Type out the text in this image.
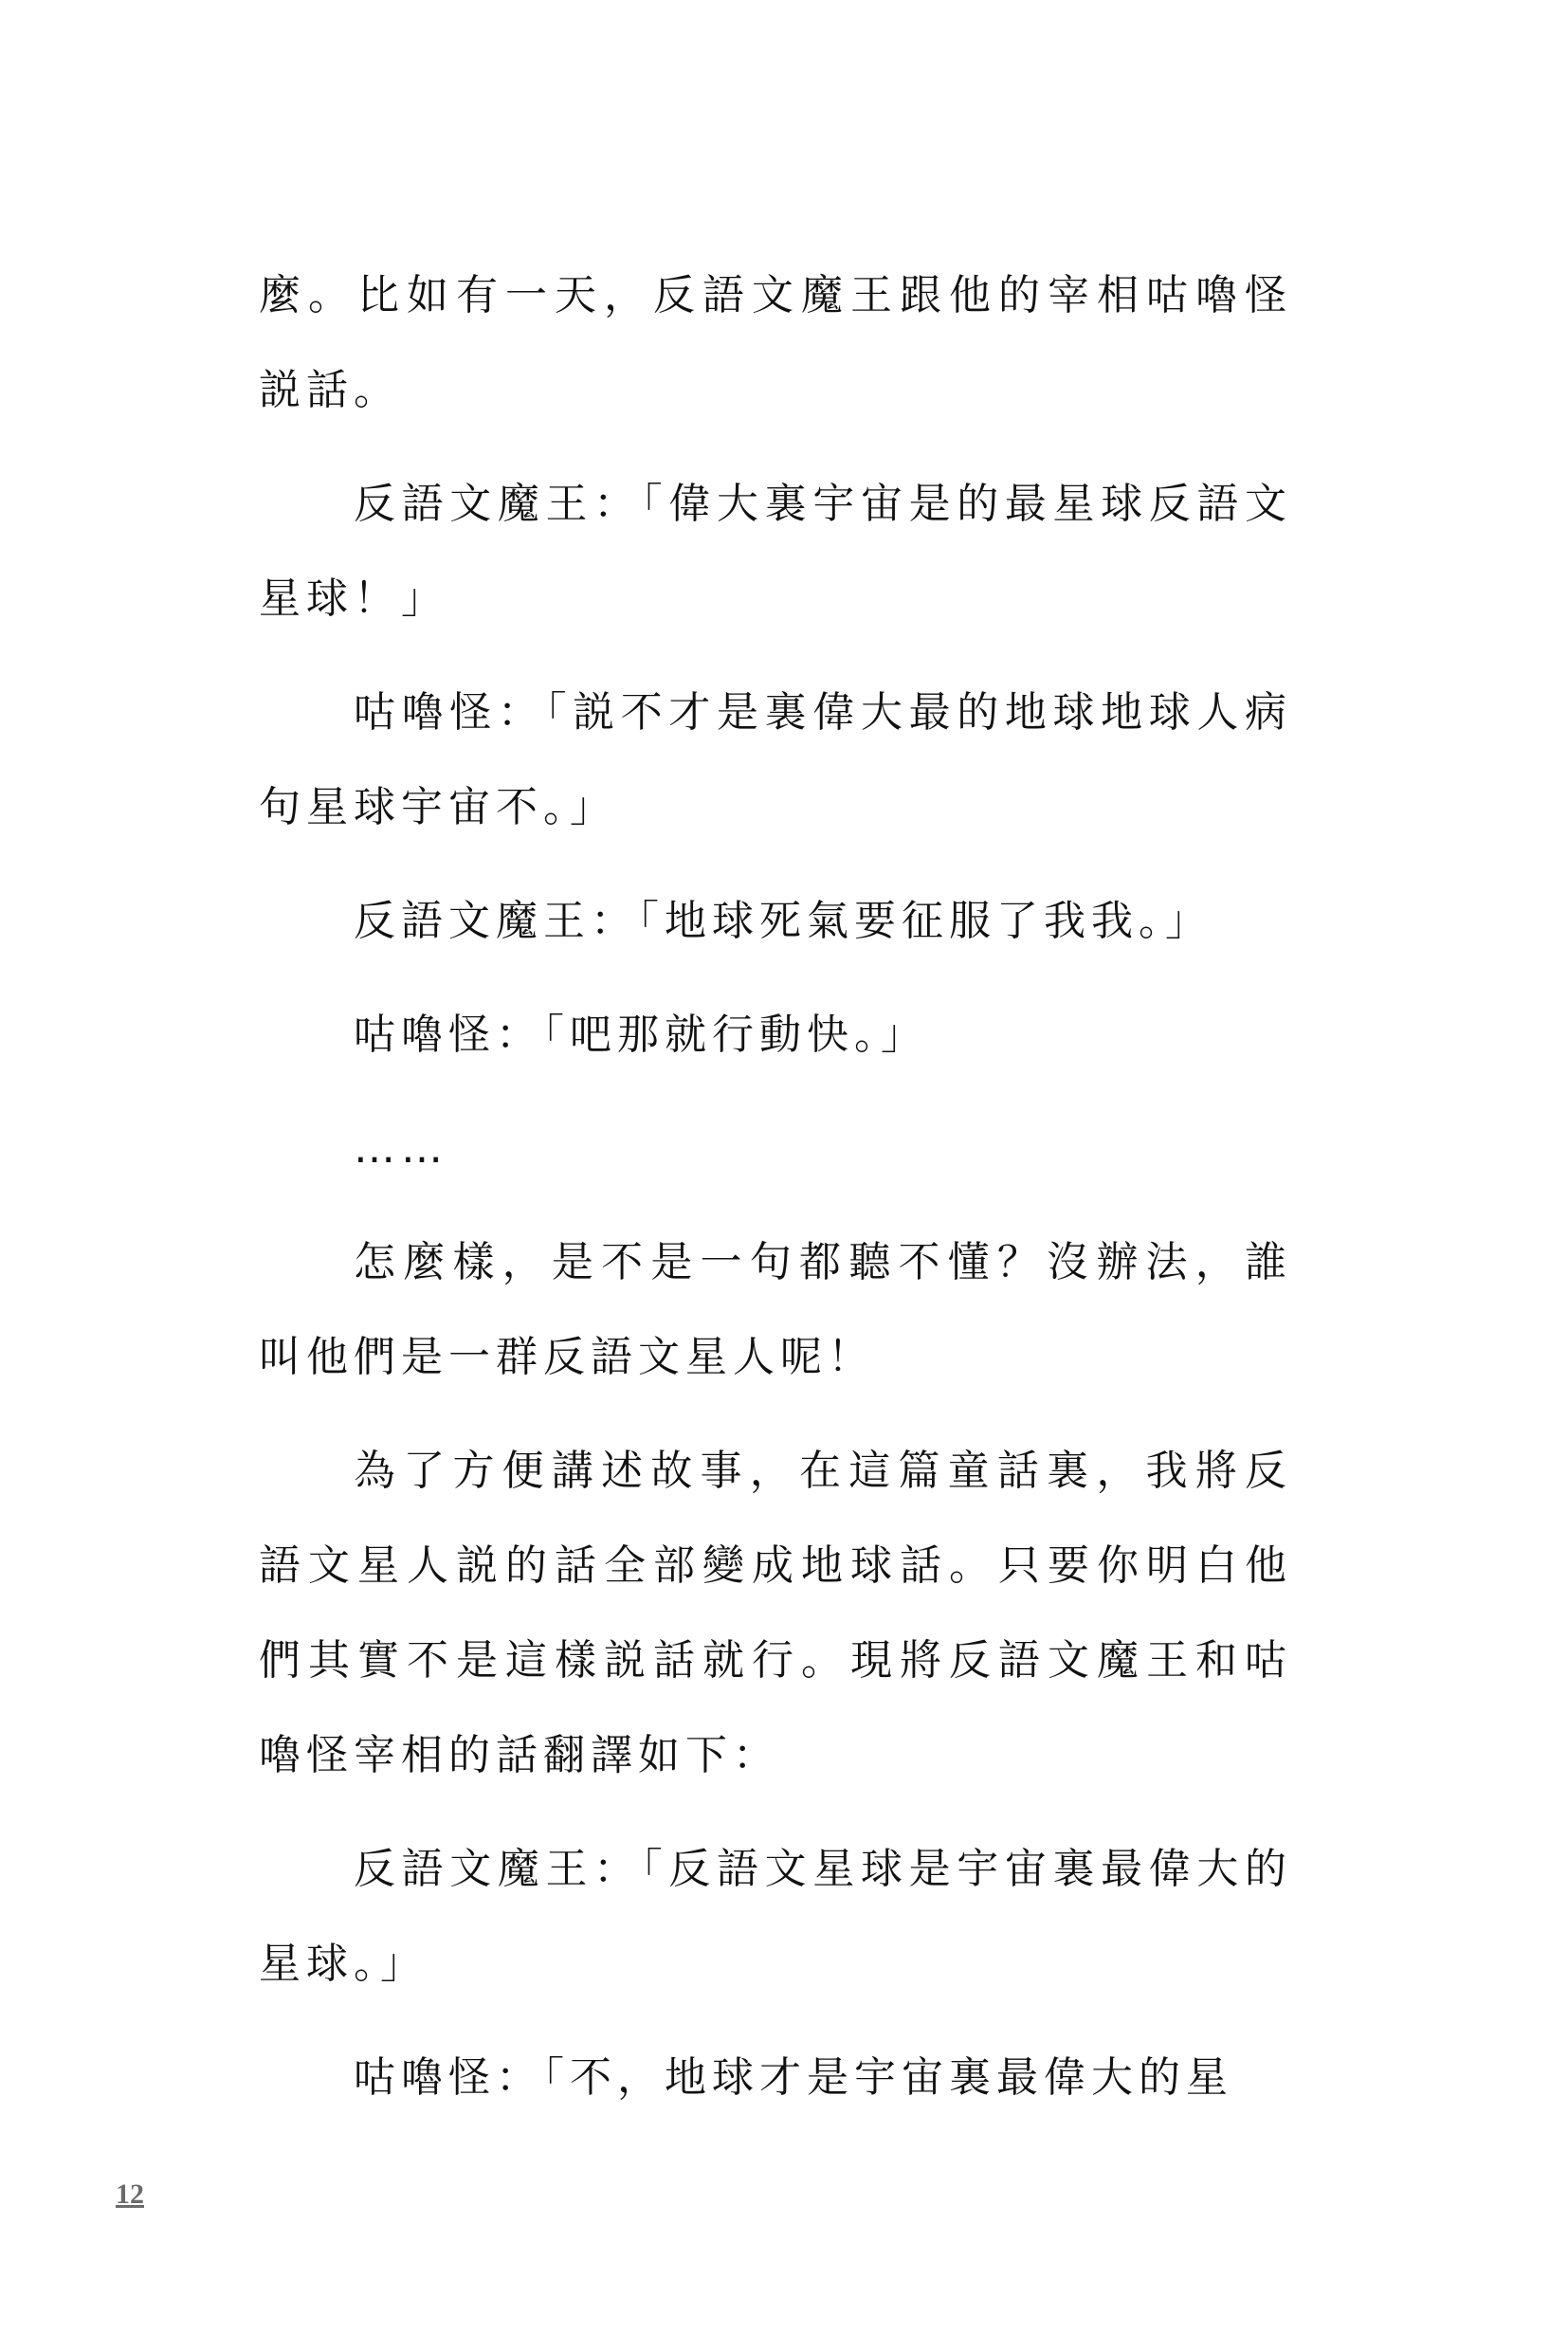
麼。比如有一天，反語文魔王跟他的宰相咕嚕怪説話。

反語文魔王：「偉大裏宇宙是的最星球反語文星球！」

咕嚕怪：「説不才是裏偉大最的地球地球人病句星球宇宙不。」

反語文魔王：「地球死氣要征服了我我。」

咕嚕怪：「吧那就行動快。」

……

怎麼樣，是不是一句都聽不懂？沒辦法，誰叫他們是一群反語文星人呢！

為了方便講述故事，在這篇童話裏，我將反語文星人説的話全部變成地球話。只要你明白他們其實不是這樣説話就行。現將反語文魔王和咕嚕怪宰相的話翻譯如下：

反語文魔王：「反語文星球是宇宙裏最偉大的星球。」

咕嚕怪：「不，地球才是宇宙裏最偉大的星

12
